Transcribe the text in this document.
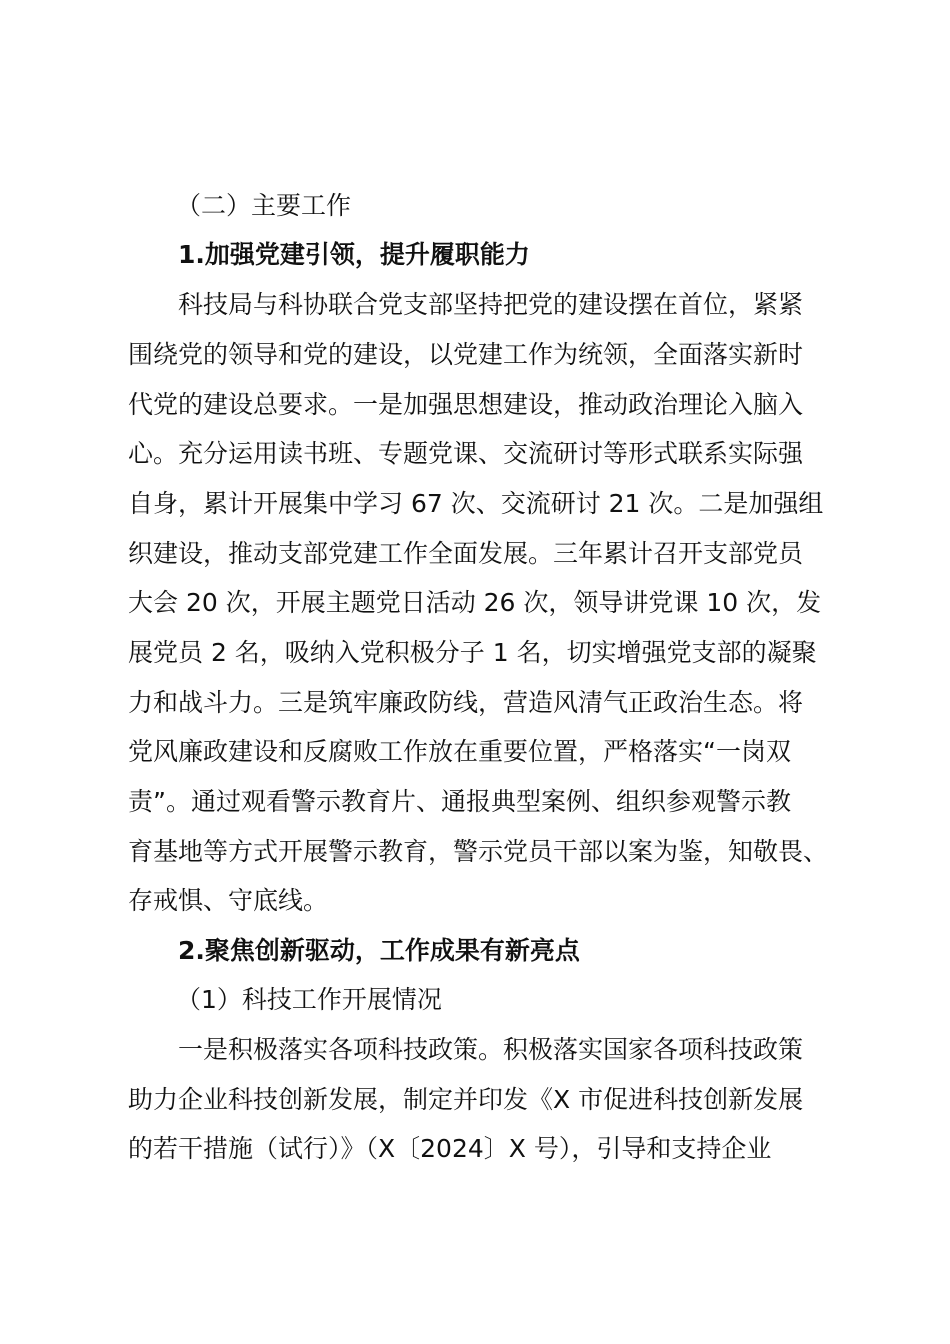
（二）主要工作
1.加强党建引领，提升履职能力
科技局与科协联合党支部坚持把党的建设摆在首位，紧紧
围绕党的领导和党的建设，以党建工作为统领，全面落实新时
代党的建设总要求。一是加强思想建设，推动政治理论入脑入
心。充分运用读书班、专题党课、交流研讨等形式联系实际强
自身，累计开展集中学习 67 次、交流研讨 21 次。二是加强组
织建设，推动支部党建工作全面发展。三年累计召开支部党员
大会 20 次，开展主题党日活动 26 次，领导讲党课 10 次，发
展党员 2 名，吸纳入党积极分子 1 名，切实增强党支部的凝聚
力和战斗力。三是筑牢廉政防线，营造风清气正政治生态。将
党风廉政建设和反腐败工作放在重要位置，严格落实“一岗双
责”。通过观看警示教育片、通报典型案例、组织参观警示教
育基地等方式开展警示教育，警示党员干部以案为鉴，知敬畏、
存戒惧、守底线。
2.聚焦创新驱动，工作成果有新亮点
（1）科技工作开展情况
一是积极落实各项科技政策。积极落实国家各项科技政策
助力企业科技创新发展，制定并印发《X 市促进科技创新发展
的若干措施（试行）》（X〔2024〕X 号），引导和支持企业
